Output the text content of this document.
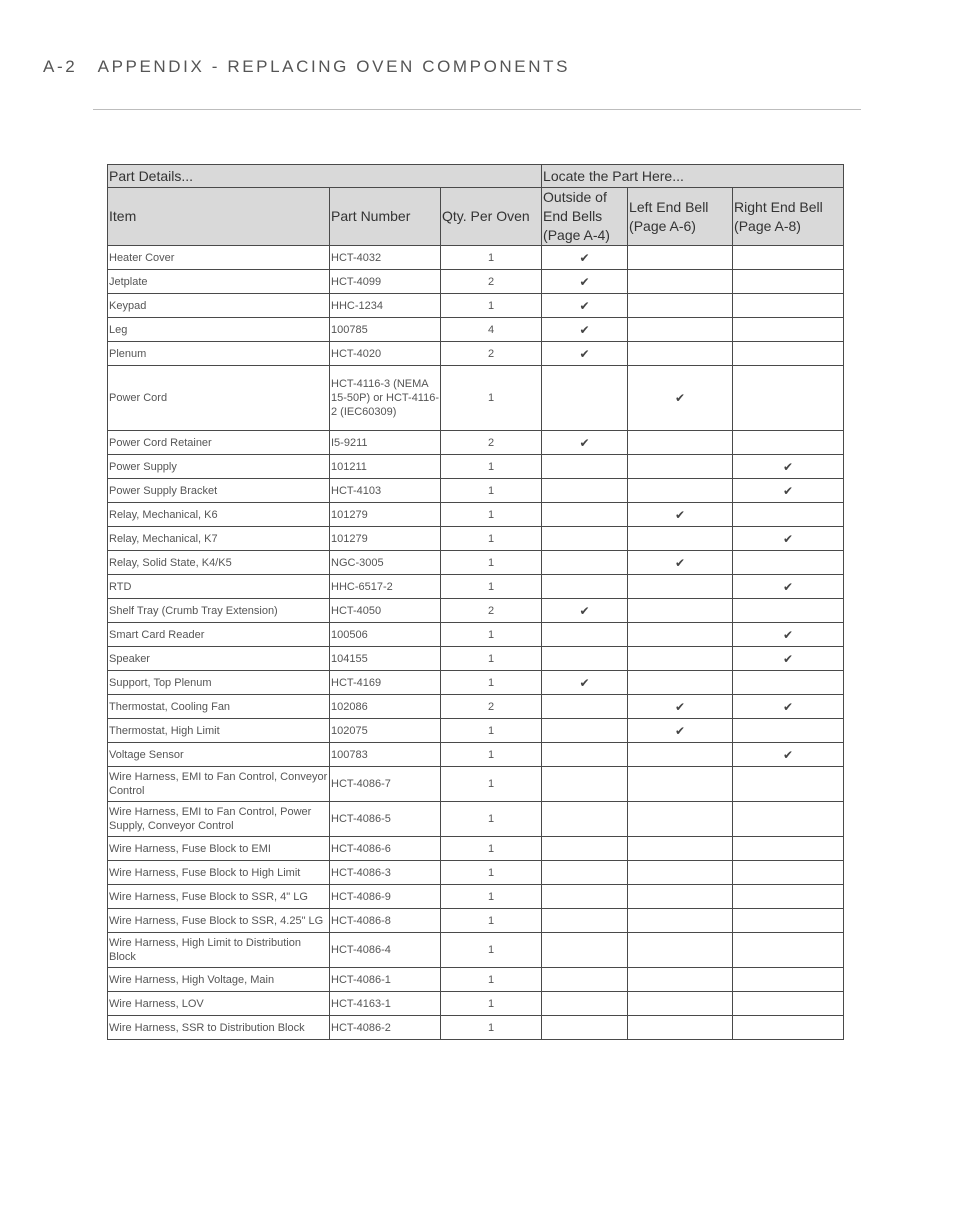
A-2 APPENDIX - REPLACING OVEN COMPONENTS
Part Details...			Locate the Part Here...		
Item	Part Number	Qty. Per Oven	Outside of End Bells (Page A-4)	Left End Bell (Page A-6)	Right End Bell (Page A-8)
Heater Cover	HCT-4032	1	✔		
Jetplate	HCT-4099	2	✔		
Keypad	HHC-1234	1	✔		
Leg	100785	4	✔		
Plenum	HCT-4020	2	✔		
Power Cord	HCT-4116-3 (NEMA 15-50P) or HCT-4116-2 (IEC60309)	1		✔	
Power Cord Retainer	I5-9211	2	✔		
Power Supply	101211	1			✔
Power Supply Bracket	HCT-4103	1			✔
Relay, Mechanical, K6	101279	1		✔	
Relay, Mechanical, K7	101279	1			✔
Relay, Solid State, K4/K5	NGC-3005	1		✔	
RTD	HHC-6517-2	1			✔
Shelf Tray (Crumb Tray Extension)	HCT-4050	2	✔		
Smart Card Reader	100506	1			✔
Speaker	104155	1			✔
Support, Top Plenum	HCT-4169	1	✔		
Thermostat, Cooling Fan	102086	2		✔	✔
Thermostat, High Limit	102075	1		✔	
Voltage Sensor	100783	1			✔
Wire Harness, EMI to Fan Control, Conveyor Control	HCT-4086-7	1			
Wire Harness, EMI to Fan Control, Power Supply, Conveyor Control	HCT-4086-5	1			
Wire Harness, Fuse Block to EMI	HCT-4086-6	1			
Wire Harness, Fuse Block to High Limit	HCT-4086-3	1			
Wire Harness, Fuse Block to SSR, 4" LG	HCT-4086-9	1			
Wire Harness, Fuse Block to SSR, 4.25" LG	HCT-4086-8	1			
Wire Harness, High Limit to Distribution Block	HCT-4086-4	1			
Wire Harness, High Voltage, Main	HCT-4086-1	1			
Wire Harness, LOV	HCT-4163-1	1			
Wire Harness, SSR to Distribution Block	HCT-4086-2	1			
